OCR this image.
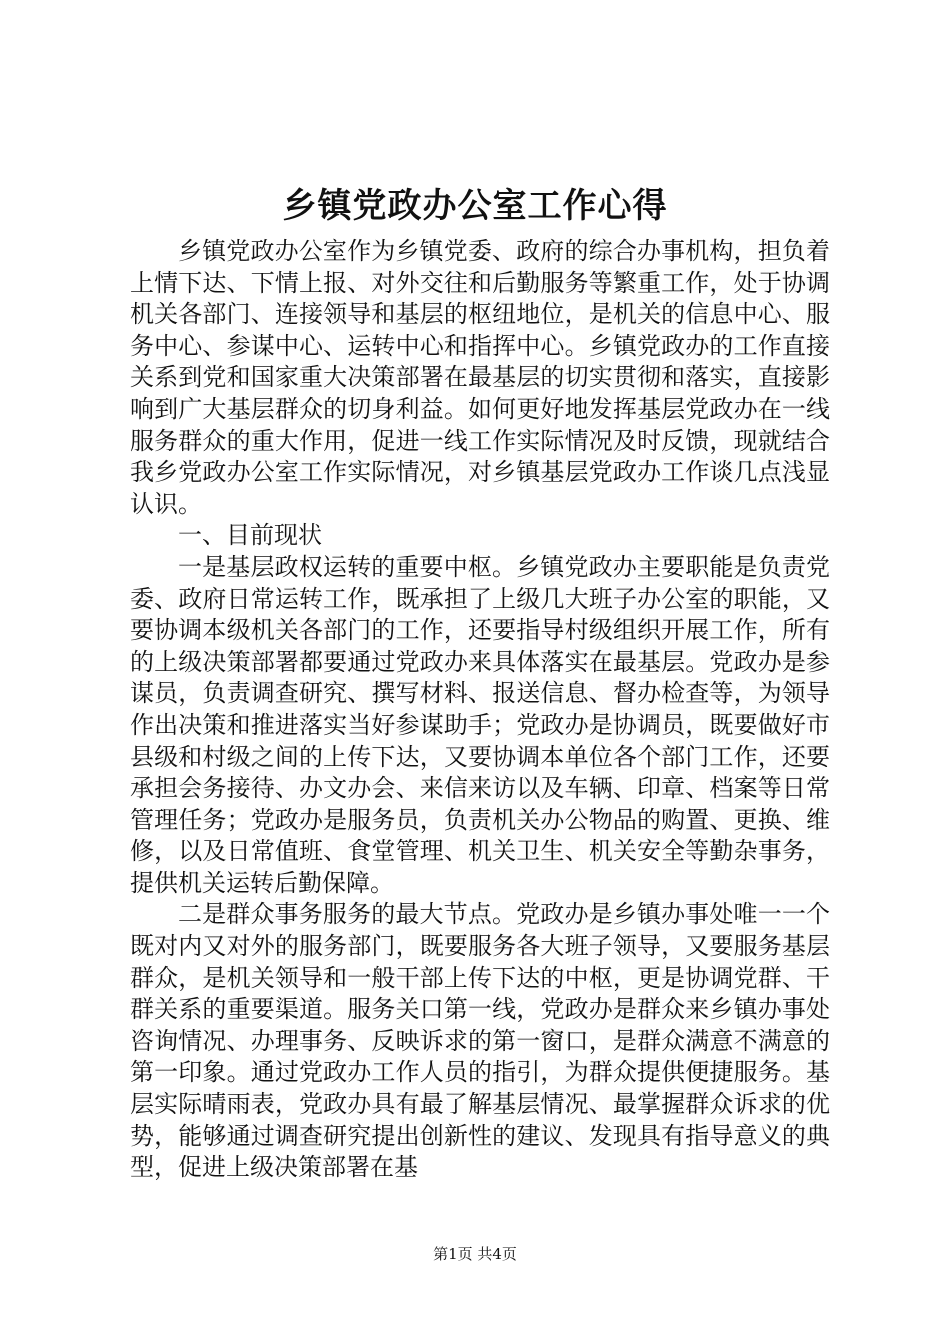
乡镇党政办公室工作心得

乡镇党政办公室作为乡镇党委、政府的综合办事机构，担负着上情下达、下情上报、对外交往和后勤服务等繁重工作，处于协调机关各部门、连接领导和基层的枢纽地位，是机关的信息中心、服务中心、参谋中心、运转中心和指挥中心。乡镇党政办的工作直接关系到党和国家重大决策部署在最基层的切实贯彻和落实，直接影响到广大基层群众的切身利益。如何更好地发挥基层党政办在一线服务群众的重大作用，促进一线工作实际情况及时反馈，现就结合我乡党政办公室工作实际情况，对乡镇基层党政办工作谈几点浅显认识。

一、目前现状

一是基层政权运转的重要中枢。乡镇党政办主要职能是负责党委、政府日常运转工作，既承担了上级几大班子办公室的职能，又要协调本级机关各部门的工作，还要指导村级组织开展工作，所有的上级决策部署都要通过党政办来具体落实在最基层。党政办是参谋员，负责调查研究、撰写材料、报送信息、督办检查等，为领导作出决策和推进落实当好参谋助手；党政办是协调员，既要做好市县级和村级之间的上传下达，又要协调本单位各个部门工作，还要承担会务接待、办文办会、来信来访以及车辆、印章、档案等日常管理任务；党政办是服务员，负责机关办公物品的购置、更换、维修，以及日常值班、食堂管理、机关卫生、机关安全等勤杂事务，提供机关运转后勤保障。

二是群众事务服务的最大节点。党政办是乡镇办事处唯一一个既对内又对外的服务部门，既要服务各大班子领导，又要服务基层群众，是机关领导和一般干部上传下达的中枢，更是协调党群、干群关系的重要渠道。服务关口第一线，党政办是群众来乡镇办事处咨询情况、办理事务、反映诉求的第一窗口，是群众满意不满意的第一印象。通过党政办工作人员的指引，为群众提供便捷服务。基层实际晴雨表，党政办具有最了解基层情况、最掌握群众诉求的优势，能够通过调查研究提出创新性的建议、发现具有指导意义的典型，促进上级决策部署在基

第1页 共4页
